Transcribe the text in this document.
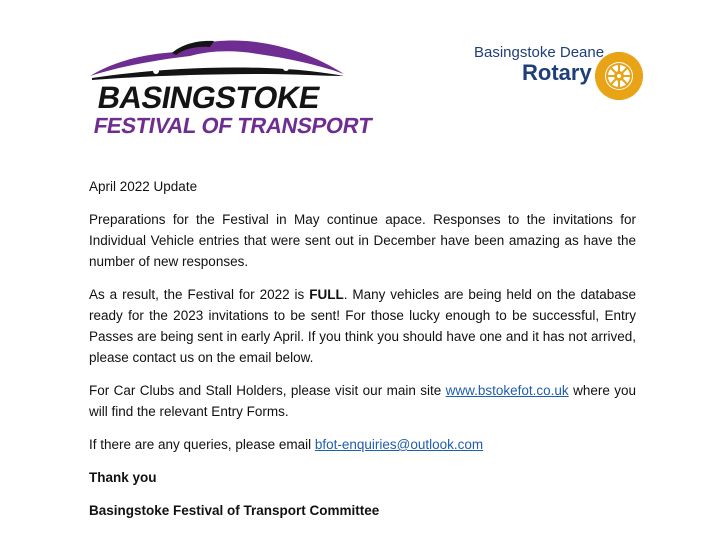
BASINGSTOKE
FESTIVAL OF TRANSPORT
Basingstoke Deane
Rotary

April 2022 Update

Preparations for the Festival in May continue apace. Responses to the invitations for Individual Vehicle entries that were sent out in December have been amazing as have the number of new responses.

As a result, the Festival for 2022 is FULL. Many vehicles are being held on the database ready for the 2023 invitations to be sent! For those lucky enough to be successful, Entry Passes are being sent in early April. If you think you should have one and it has not arrived, please contact us on the email below.

For Car Clubs and Stall Holders, please visit our main site www.bstokefot.co.uk where you will find the relevant Entry Forms.

If there are any queries, please email bfot-enquiries@outlook.com

Thank you

Basingstoke Festival of Transport Committee
